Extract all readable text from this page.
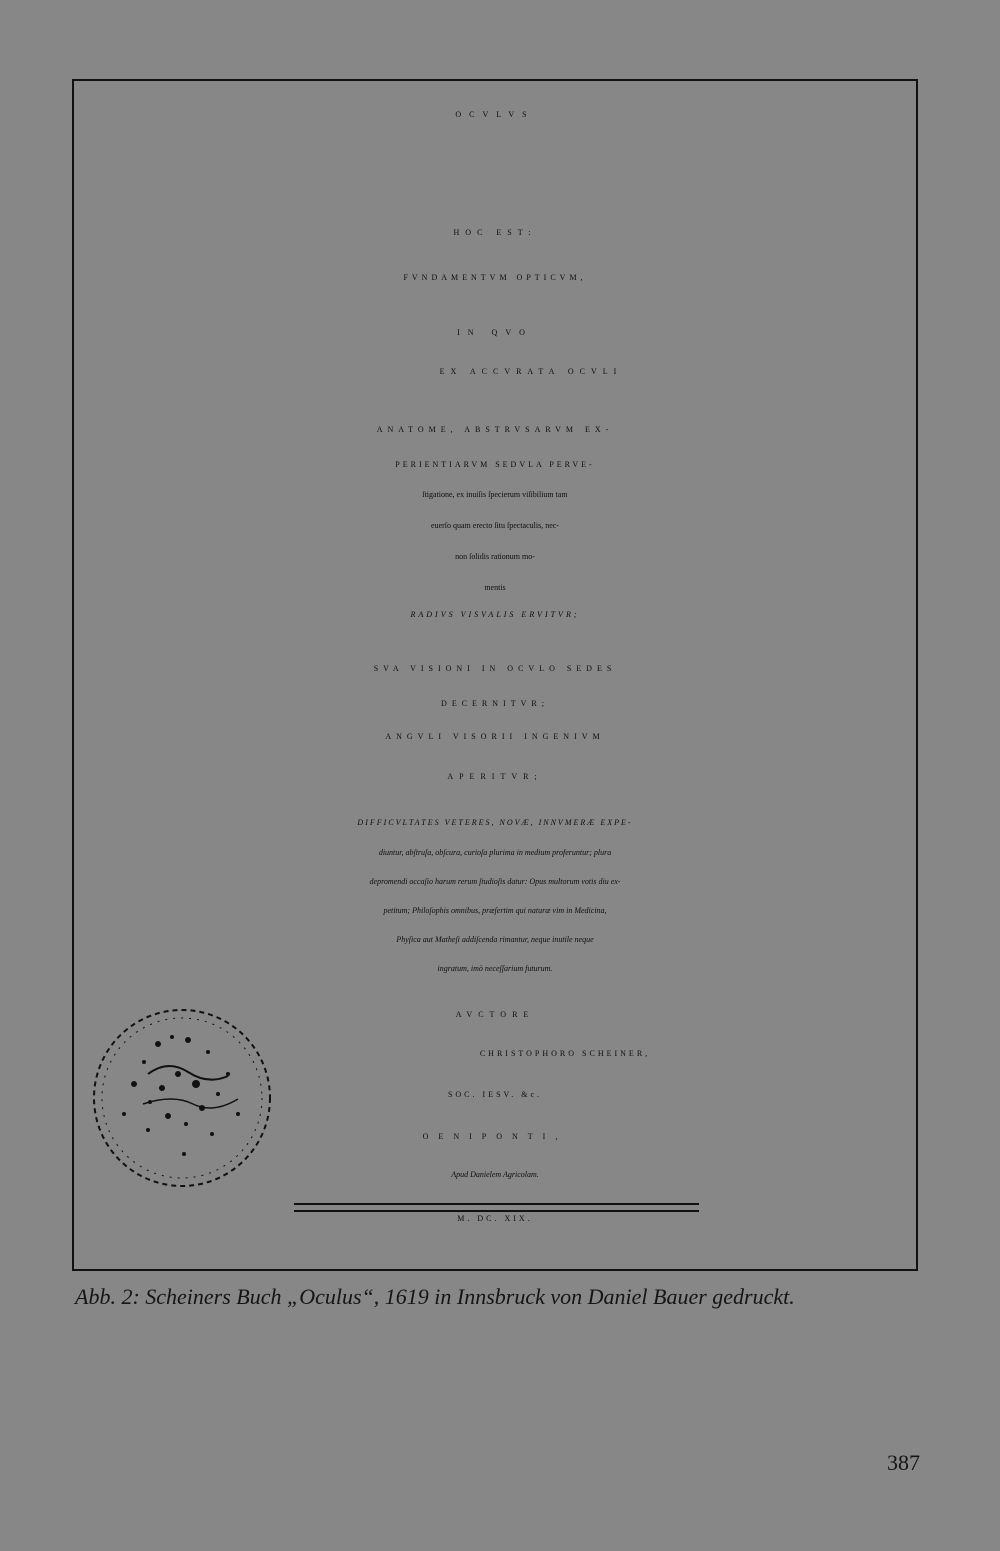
OCVLVS
HOC EST:
FVNDAMENTVM OPTICVM,
IN QVO
EX ACCVRATA OCVLI
ANATOME, ABSTRVSARVM EX-
PERIENTIARVM SEDVLA PERVE-
ſtigatione, ex inuiſis ſpecierum viſibilium tam
euerſo quam erecto ſitu ſpectaculis, nec-
non ſolidis rationum mo-
mentis
RADIVS VISVALIS ERVITVR;
SVA VISIONI IN OCVLO SEDES
DECERNITVR;
ANGVLI VISORII INGENIVM
APERITVR;
DIFFICVLTATES VETERES, NOVÆ, INNVMERÆ EXPE-
diuntur, abſtruſa, obſcura, curioſa plurima in medium proferuntur; plura
depromendi occaſio harum rerum ſtudioſis datur: Opus multorum votis diu ex-
petitum; Philoſophis omnibus, præſertim qui naturæ vim in Medicina,
Phyſica aut Matheſi addiſcenda rimantur, neque inutile neque
ingratum, imò neceſſarium futurum.
AVCTORE
CHRISTOPHORO SCHEINER,
SOC. IESV. &c.
OENIPONTI,
Apud Danielem Agricolam.
M. DC. XIX.
Abb. 2: Scheiners Buch „Oculus“, 1619 in Innsbruck von Daniel Bauer gedruckt.
387
